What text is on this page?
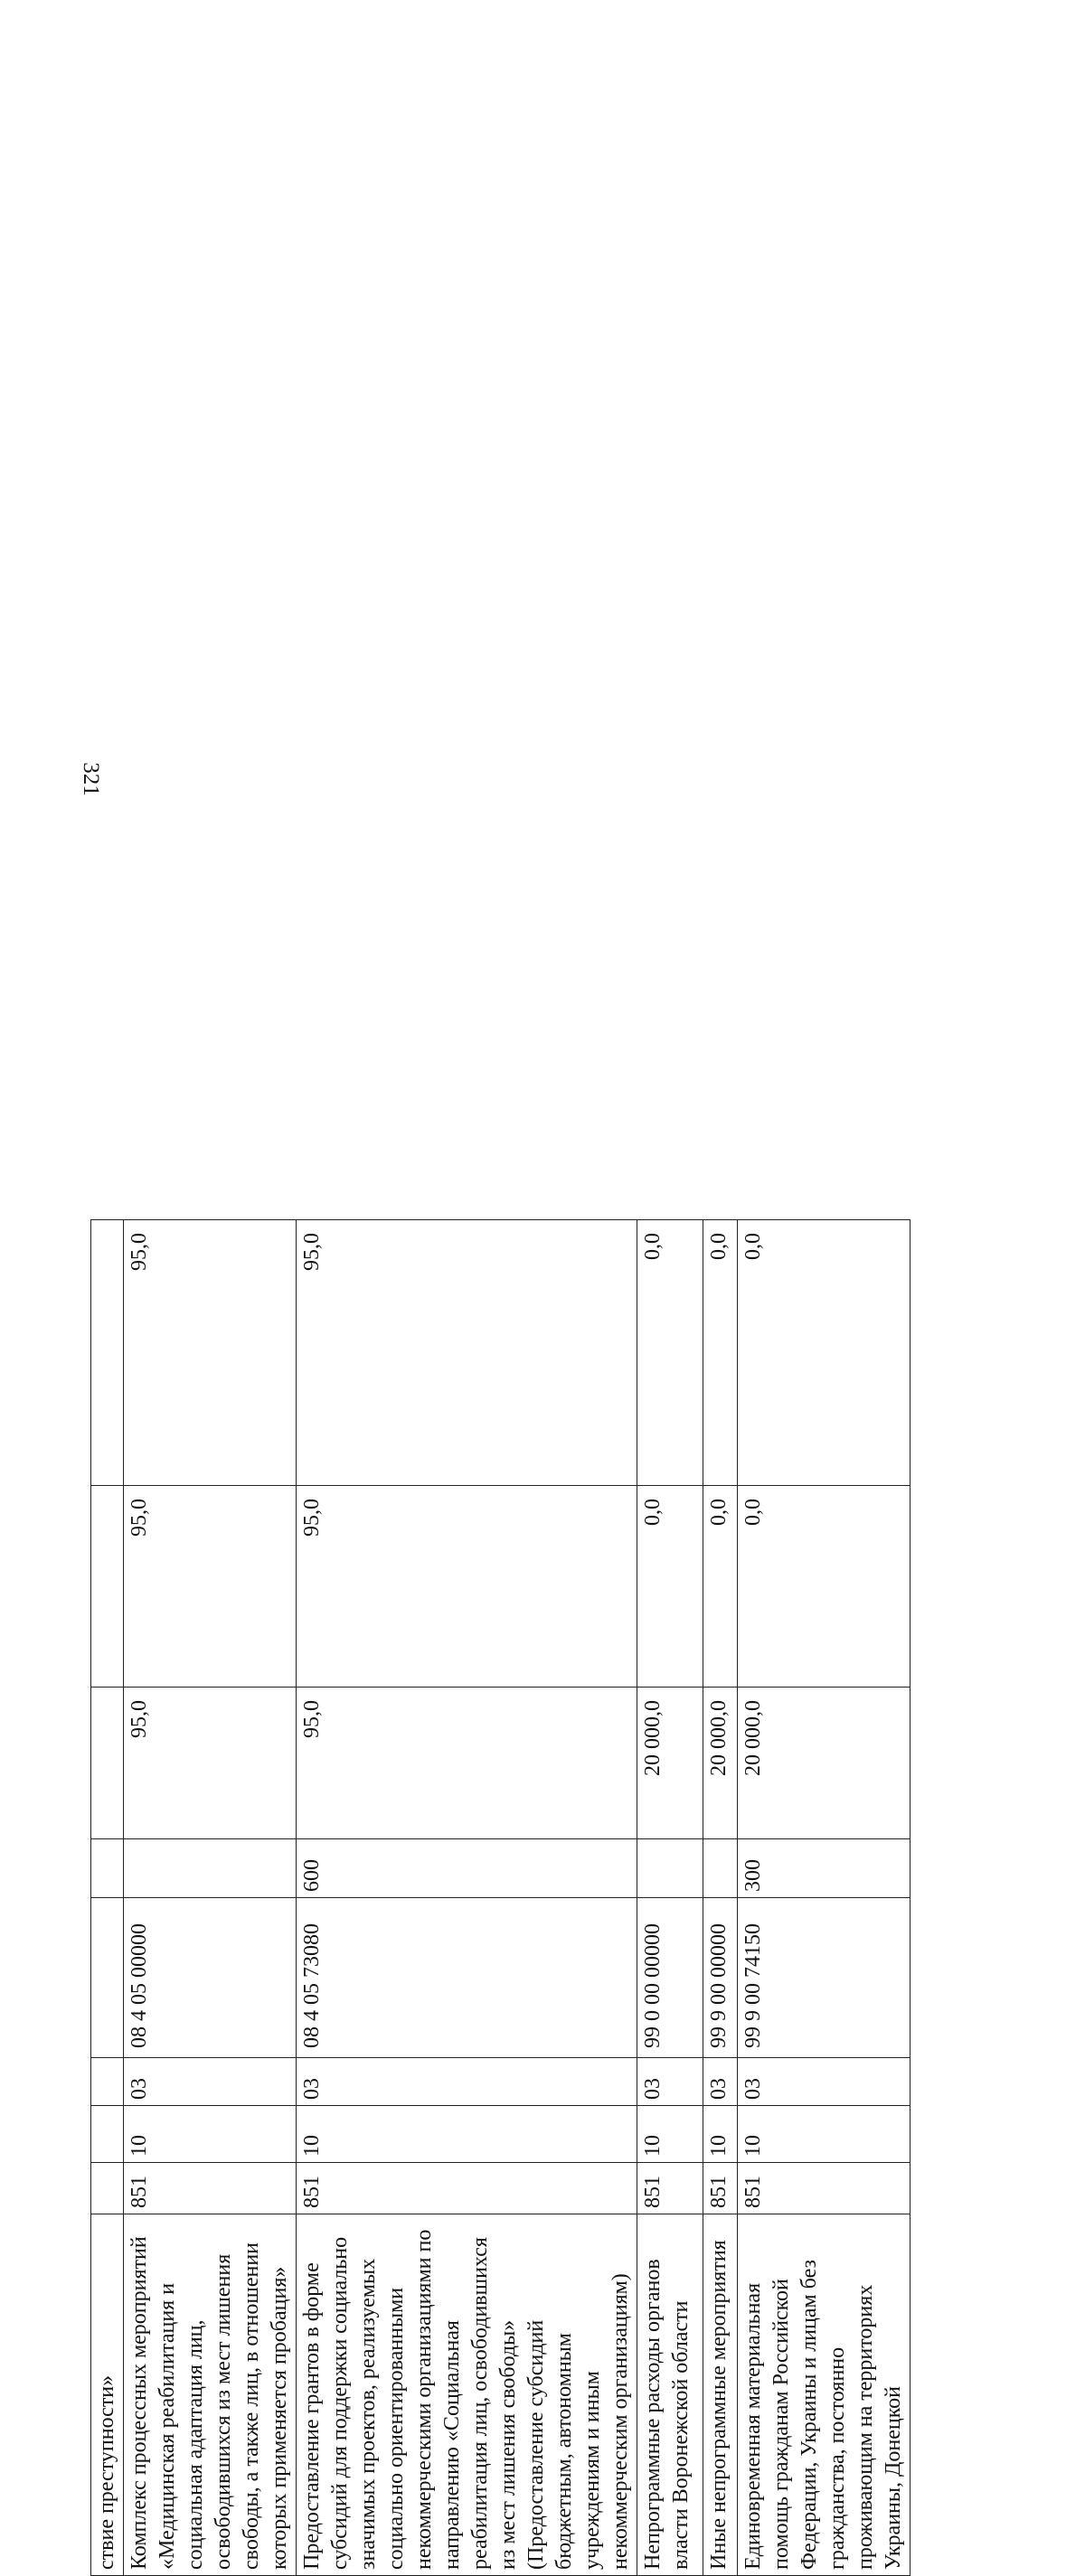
321
ствие преступности»								
Комплекс процессных мероприятий «Медицинская реабилитация и социальная адаптация лиц, освободившихся из мест лишения свободы, а также лиц, в отношении которых применяется пробация»	851	10	03	08 4 05 00000		95,0	95,0	95,0
Предоставление грантов в форме субсидий для поддержки социально значимых проектов, реализуемых социально ориентированными некоммерческими организациями по направлению «Социальная реабилитация лиц, освободившихся из мест лишения свободы» (Предоставление субсидий бюджетным, автономным учреждениям и иным некоммерческим организациям)	851	10	03	08 4 05 73080	600	95,0	95,0	95,0
Непрограммные расходы органов власти Воронежской области	851	10	03	99 0 00 00000		20 000,0	0,0	0,0
Иные непрограммные мероприятия	851	10	03	99 9 00 00000		20 000,0	0,0	0,0
Единовременная материальная помощь гражданам Российской Федерации, Украины и лицам без гражданства, постоянно проживающим на территориях Украины, Донецкой	851	10	03	99 9 00 74150	300	20 000,0	0,0	0,0
